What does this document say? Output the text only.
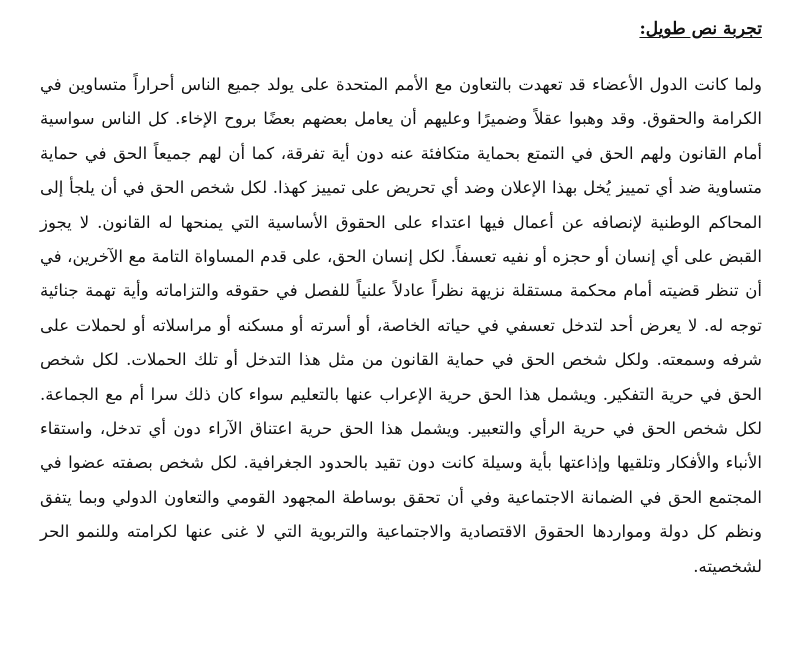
تجربة نص طويل:

ولما كانت الدول الأعضاء قد تعهدت بالتعاون مع الأمم المتحدة على يولد جميع الناس أحراراً متساوين في الكرامة والحقوق. وقد وهبوا عقلاً وضميرًا وعليهم أن يعامل بعضهم بعضًا بروح الإخاء. كل الناس سواسية أمام القانون ولهم الحق في التمتع بحماية متكافئة عنه دون أية تفرقة، كما أن لهم جميعاً الحق في حماية متساوية ضد أي تمييز يُخل بهذا الإعلان وضد أي تحريض على تمييز كهذا. لكل شخص الحق في أن يلجأ إلى المحاكم الوطنية لإنصافه عن أعمال فيها اعتداء على الحقوق الأساسية التي يمنحها له القانون. لا يجوز القبض على أي إنسان أو حجزه أو نفيه تعسفاً. لكل إنسان الحق، على قدم المساواة التامة مع الآخرين، في أن تنظر قضيته أمام محكمة مستقلة نزيهة نظراً عادلاً علنياً للفصل في حقوقه والتزاماته وأية تهمة جنائية توجه له. لا يعرض أحد لتدخل تعسفي في حياته الخاصة، أو أسرته أو مسكنه أو مراسلاته أو لحملات على شرفه وسمعته. ولكل شخص الحق في حماية القانون من مثل هذا التدخل أو تلك الحملات. لكل شخص الحق في حرية التفكير. ويشمل هذا الحق حرية الإعراب عنها بالتعليم سواء كان ذلك سرا أم مع الجماعة. لكل شخص الحق في حرية الرأي والتعبير. ويشمل هذا الحق حرية اعتناق الآراء دون أي تدخل، واستقاء الأنباء والأفكار وتلقيها وإذاعتها بأية وسيلة كانت دون تقيد بالحدود الجغرافية. لكل شخص بصفته عضوا في المجتمع الحق في الضمانة الاجتماعية وفي أن تحقق بوساطة المجهود القومي والتعاون الدولي وبما يتفق ونظم كل دولة ومواردها الحقوق الاقتصادية والاجتماعية والتربوية التي لا غنى عنها لكرامته وللنمو الحر لشخصيته.
